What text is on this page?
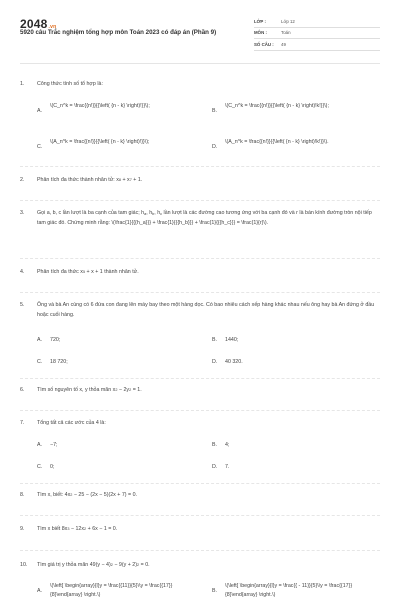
2048.vn
5920 câu Trắc nghiệm tổng hợp môn Toán 2023 có đáp án (Phần 9)
LỚP :	Lớp 12
MÔN :	Toán
SỐ CÂU :	49
1. Công thức tính số tổ hợp là:
A.
\(C_n^k = \frac{{n!}}{{\left( {n - k} \right)!}}\);
B.
\(C_n^k = \frac{{n!}}{{\left( {n - k} \right)!k!}}\);
C.
\(A_n^k = \frac{{n!}}{{\left( {n - k} \right)!}}\);
D.
\(A_n^k = \frac{{n!}}{{\left( {n - k} \right)!k!}}\).
2. Phân tích đa thức thành nhân tử: $x^8 + x^7 + 1$.
3. Gọi a, b, c lần lượt là ba cạnh của tam giác; $h_a$, $h_b$, $h_c$ lần lượt là các đường cao tương ứng với ba cạnh đó và r là bán kính đường tròn nội tiếp tam giác đó. Chứng minh rằng: \(\frac{1}{{{h_a}}} + \frac{1}{{{h_b}}} + \frac{1}{{{h_c}}} = \frac{1}{r}\).
4. Phân tích đa thức $x^5 + x + 1$ thành nhân tử.
5. Ông và bà An cùng có 6 đứa con đang lên máy bay theo một hàng dọc. Có bao nhiêu cách xếp hàng khác nhau nếu ông hay bà An đứng ở đầu hoặc cuối hàng.
A. 720;	B. 1440;
C. 18 720;	D. 40 320.
6. Tìm số nguyên tố x, y thỏa mãn $x^2 - 2y^2 = 1$.
7. Tổng tất cả các ước của 4 là:
A. −7;	B. 4;
C. 0;	D. 7.
8. Tìm x, biết: $4x^2 - 25 - (2x - 5)(2x + 7) = 0$.
9. Tìm x biết $8x^3 - 12x^2 + 6x - 1 = 0$.
10. Tìm giá trị y thỏa mãn $49(y - 4)^2 - 9(y + 2)^2 = 0$.
A.
\(\left[ \begin{array}{l}y = \frac{{11}}{5}\\y = \frac{{17}}{8}\end{array} \right.\)
B.
\(\left[ \begin{array}{l}y = \frac{{ - 11}}{5}\\y = \frac{{17}}{8}\end{array} \right.\)
